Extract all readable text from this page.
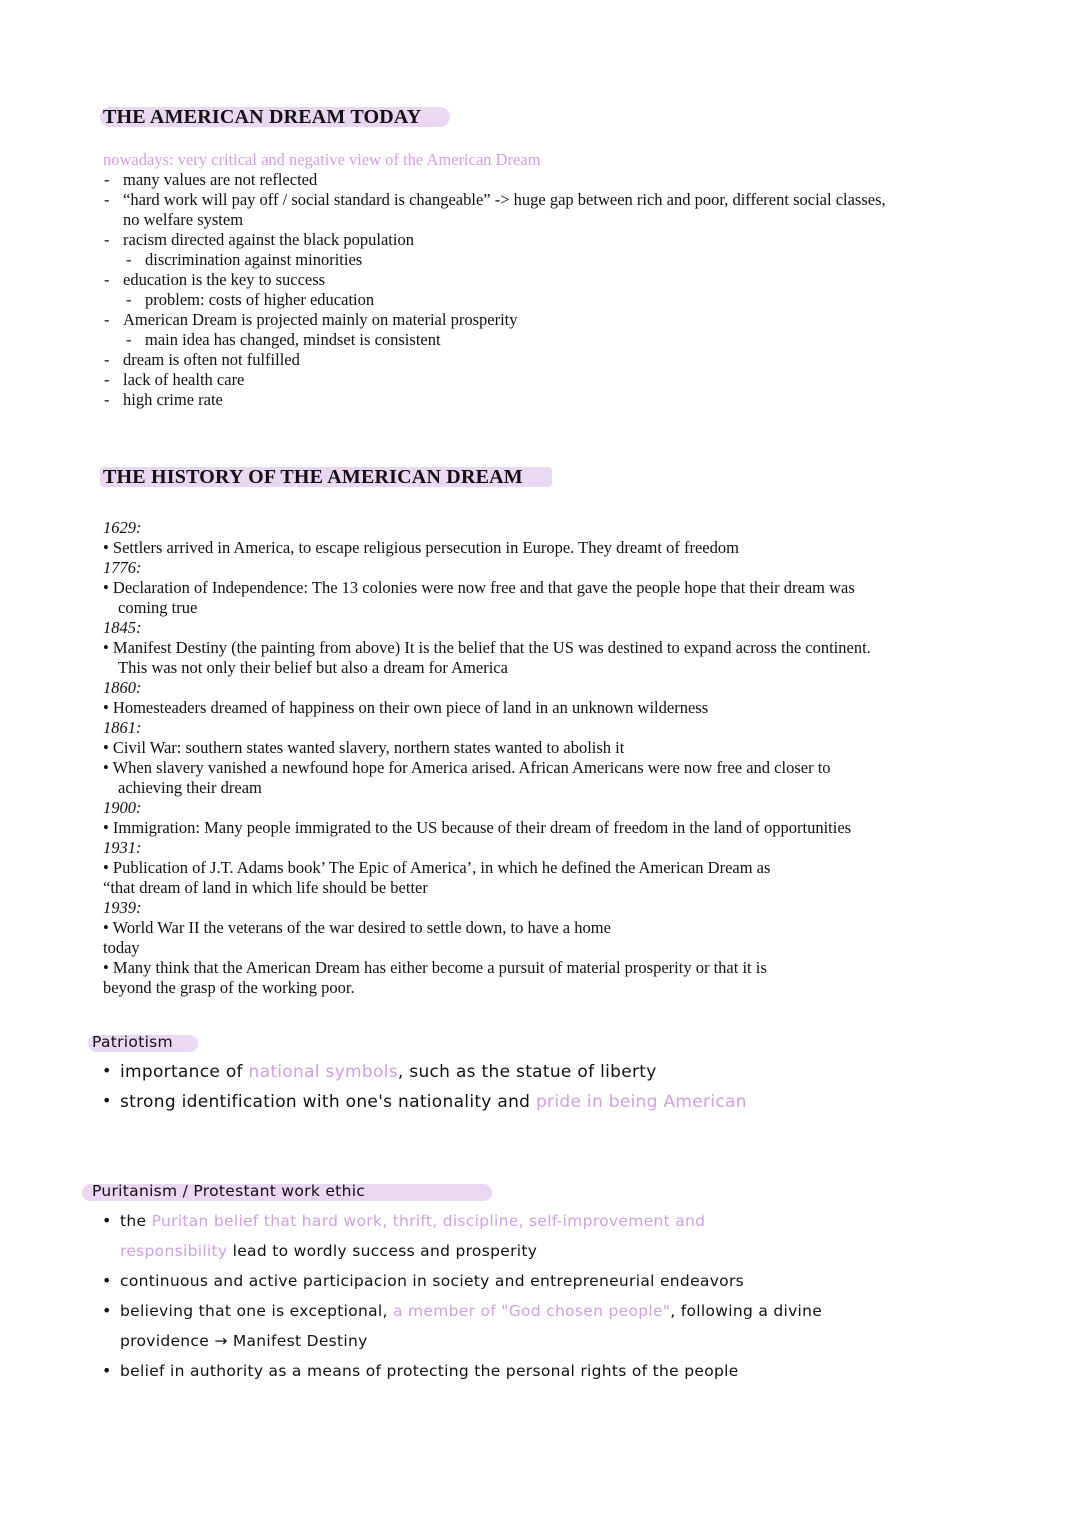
THE AMERICAN DREAM TODAY
nowadays: very critical and negative view of the American Dream
- many values are not reflected
- “hard work will pay off / social standard is changeable” -> huge gap between rich and poor, different social classes,
no welfare system
- racism directed against the black population
- discrimination against minorities
- education is the key to success
- problem: costs of higher education
- American Dream is projected mainly on material prosperity
- main idea has changed, mindset is consistent
- dream is often not fulfilled
- lack of health care
- high crime rate
THE HISTORY OF THE AMERICAN DREAM
1629:
• Settlers arrived in America, to escape religious persecution in Europe. They dreamt of freedom
1776:
• Declaration of Independence: The 13 colonies were now free and that gave the people hope that their dream was
coming true
1845:
• Manifest Destiny (the painting from above) It is the belief that the US was destined to expand across the continent.
This was not only their belief but also a dream for America
1860:
• Homesteaders dreamed of happiness on their own piece of land in an unknown wilderness
1861:
• Civil War: southern states wanted slavery, northern states wanted to abolish it
• When slavery vanished a newfound hope for America arised. African Americans were now free and closer to
achieving their dream
1900:
• Immigration: Many people immigrated to the US because of their dream of freedom in the land of opportunities
1931:
• Publication of J.T. Adams book’ The Epic of America’, in which he defined the American Dream as
“that dream of land in which life should be better
1939:
• World War II the veterans of the war desired to settle down, to have a home
today
• Many think that the American Dream has either become a pursuit of material prosperity or that it is
beyond the grasp of the working poor.
Patriotism
• importance of national symbols, such as the statue of liberty
• strong identification with one's nationality and pride in being American
Puritanism / Protestant work ethic
• the Puritan belief that hard work, thrift, discipline, self-improvement and
responsibility lead to wordly success and prosperity
• continuous and active participacion in society and entrepreneurial endeavors
• believing that one is exceptional, a member of "God chosen people", following a divine
providence → Manifest Destiny
• belief in authority as a means of protecting the personal rights of the people
